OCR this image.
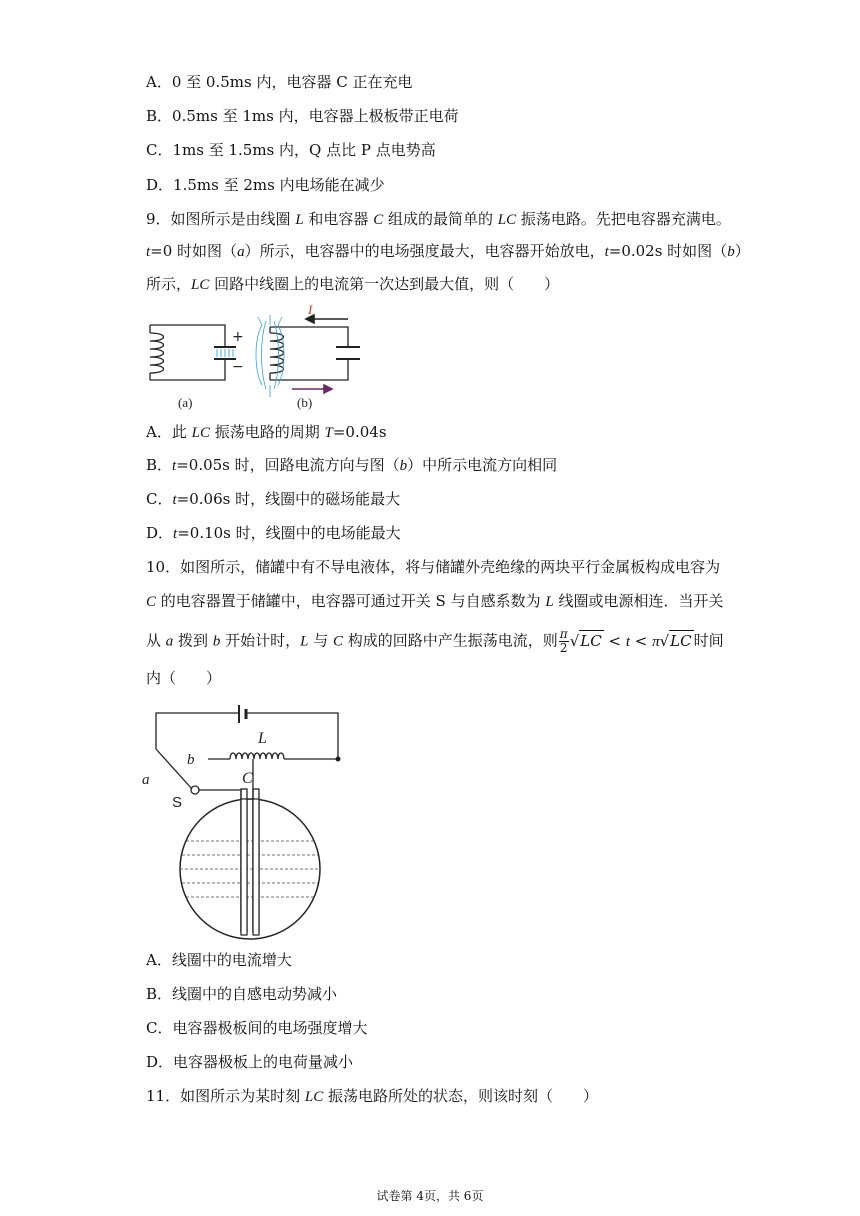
A．0 至 0.5ms 内，电容器 C 正在充电
B．0.5ms 至 1ms 内，电容器上极板带正电荷
C．1ms 至 1.5ms 内，Q 点比 P 点电势高
D．1.5ms 至 2ms 内电场能在减少
9．如图所示是由线圈 L 和电容器 C 组成的最简单的 LC 振荡电路。先把电容器充满电。
t=0 时如图（a）所示，电容器中的电场强度最大，电容器开始放电，t=0.02s 时如图（b）
所示，LC 回路中线圈上的电流第一次达到最大值，则（　　）
+
−
(a)
I
(b)
A．此 LC 振荡电路的周期 T=0.04s
B．t=0.05s 时，回路电流方向与图（b）中所示电流方向相同
C．t=0.06s 时，线圈中的磁场能最大
D．t=0.10s 时，线圈中的电场能最大
10．如图所示，储罐中有不导电液体，将与储罐外壳绝缘的两块平行金属板构成电容为
C 的电容器置于储罐中，电容器可通过开关 S 与自感系数为 L 线圈或电源相连．当开关
从 a 拨到 b 开始计时，L 与 C 构成的回路中产生振荡电流，则 $\frac{\pi}{2} √LC < t < \pi√LC$ 时间
内（　　）
L
C
b
a
S
A．线圈中的电流增大
B．线圈中的自感电动势减小
C．电容器极板间的电场强度增大
D．电容器极板上的电荷量减小
11．如图所示为某时刻 LC 振荡电路所处的状态，则该时刻（　　）
试卷第 4页，共 6页
